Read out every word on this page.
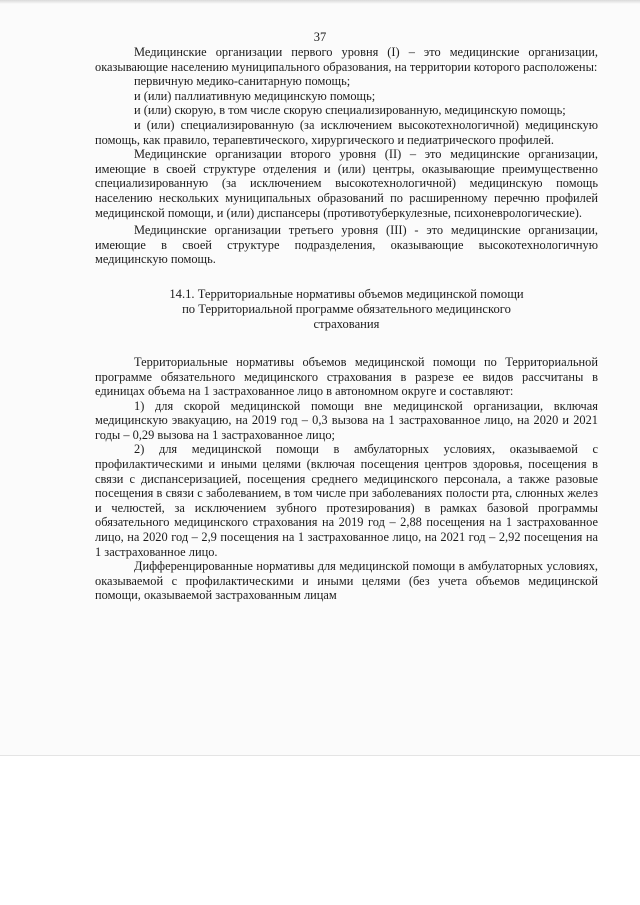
37

Медицинские организации первого уровня (I) – это медицинские организации, оказывающие населению муниципального образования, на территории которого расположены:

первичную медико-санитарную помощь;

и (или) паллиативную медицинскую помощь;

и (или) скорую, в том числе скорую специализированную, медицинскую помощь;

и (или) специализированную (за исключением высокотехнологичной) медицинскую помощь, как правило, терапевтического, хирургического и педиатрического профилей.

Медицинские организации второго уровня (II) – это медицинские организации, имеющие в своей структуре отделения и (или) центры, оказывающие преимущественно специализированную (за исключением высокотехнологичной) медицинскую помощь населению нескольких муниципальных образований по расширенному перечню профилей медицинской помощи, и (или) диспансеры (противотуберкулезные, психоневрологические).

Медицинские организации третьего уровня (III) - это медицинские организации, имеющие в своей структуре подразделения, оказывающие высокотехнологичную медицинскую помощь.

14.1. Территориальные нормативы объемов медицинской помощи
по Территориальной программе обязательного медицинского
страхования

Территориальные нормативы объемов медицинской помощи по Территориальной программе обязательного медицинского страхования в разрезе ее видов рассчитаны в единицах объема на 1 застрахованное лицо в автономном округе и составляют:

1) для скорой медицинской помощи вне медицинской организации, включая медицинскую эвакуацию, на 2019 год – 0,3 вызова на 1 застрахованное лицо, на 2020 и 2021 годы – 0,29 вызова на 1 застрахованное лицо;

2) для медицинской помощи в амбулаторных условиях, оказываемой с профилактическими и иными целями (включая посещения центров здоровья, посещения в связи с диспансеризацией, посещения среднего медицинского персонала, а также разовые посещения в связи с заболеванием, в том числе при заболеваниях полости рта, слюнных желез и челюстей, за исключением зубного протезирования) в рамках базовой программы обязательного медицинского страхования на 2019 год – 2,88 посещения на 1 застрахованное лицо, на 2020 год – 2,9 посещения на 1 застрахованное лицо, на 2021 год – 2,92 посещения на 1 застрахованное лицо.

Дифференцированные нормативы для медицинской помощи в амбулаторных условиях, оказываемой с профилактическими и иными целями (без учета объемов медицинской помощи, оказываемой застрахованным лицам
